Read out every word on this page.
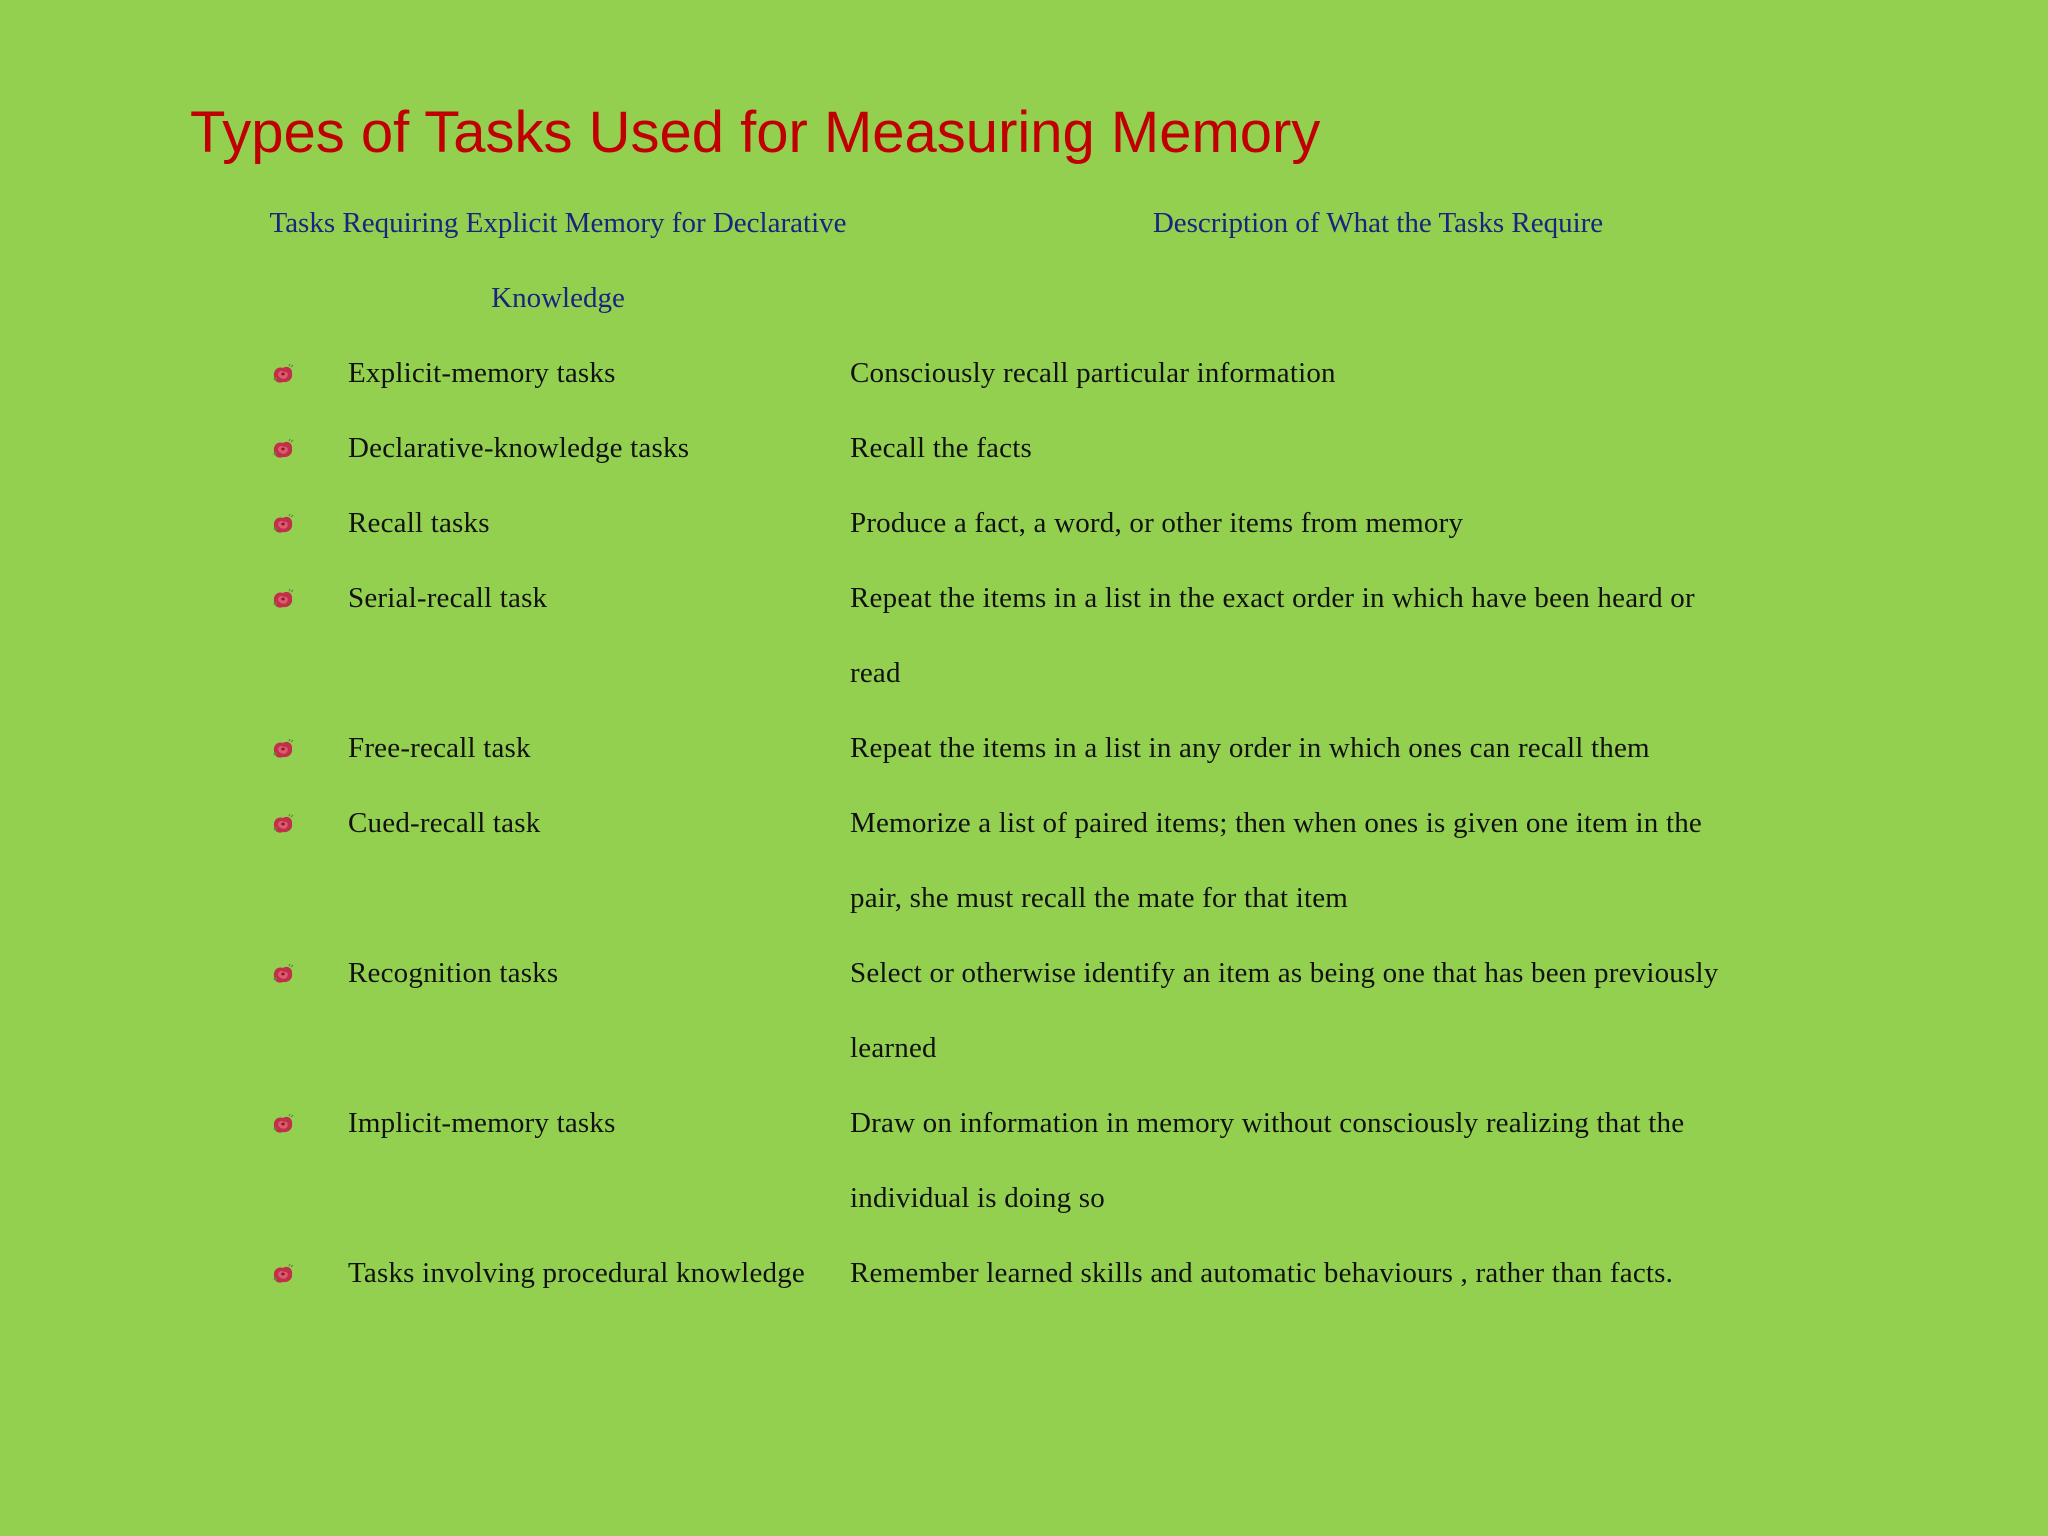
Types of Tasks Used for Measuring Memory
Tasks Requiring Explicit Memory for Declarative Knowledge
Description of What the Tasks Require
Explicit-memory tasks	Consciously recall particular information
Declarative-knowledge tasks	Recall the facts
Recall tasks	Produce a fact, a word, or other items from memory
Serial-recall task	Repeat the items in a list in the exact order in which have been heard or
read
Free-recall task	Repeat the items in a list in any order in which ones can recall them
Cued-recall task	Memorize a list of paired items; then when ones is given one item in the
pair, she must recall the mate for that item
Recognition tasks	Select or otherwise identify an item as being one that has been previously
learned
Implicit-memory tasks	Draw on information in memory without consciously realizing that the
individual is doing so
Tasks involving procedural knowledge	Remember learned skills and automatic behaviours , rather than facts.
